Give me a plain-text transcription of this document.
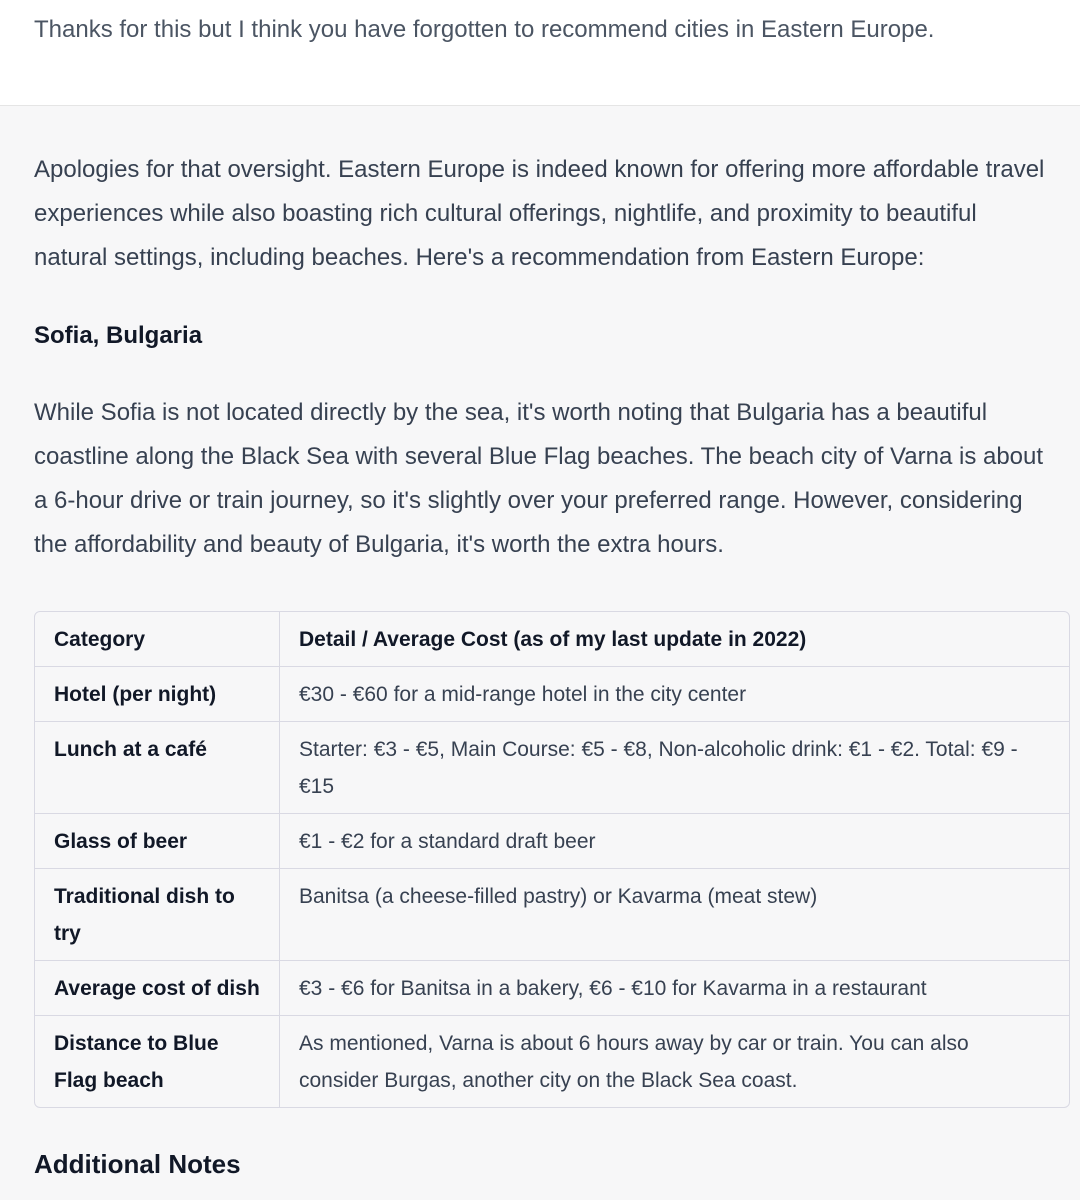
Thanks for this but I think you have forgotten to recommend cities in Eastern Europe.

Apologies for that oversight. Eastern Europe is indeed known for offering more affordable travel experiences while also boasting rich cultural offerings, nightlife, and proximity to beautiful natural settings, including beaches. Here's a recommendation from Eastern Europe:

Sofia, Bulgaria

While Sofia is not located directly by the sea, it's worth noting that Bulgaria has a beautiful coastline along the Black Sea with several Blue Flag beaches. The beach city of Varna is about a 6-hour drive or train journey, so it's slightly over your preferred range. However, considering the affordability and beauty of Bulgaria, it's worth the extra hours.

Category	Detail / Average Cost (as of my last update in 2022)
Hotel (per night)	€30 - €60 for a mid-range hotel in the city center
Lunch at a café	Starter: €3 - €5, Main Course: €5 - €8, Non-alcoholic drink: €1 - €2. Total: €9 - €15
Glass of beer	€1 - €2 for a standard draft beer
Traditional dish to try	Banitsa (a cheese-filled pastry) or Kavarma (meat stew)
Average cost of dish	€3 - €6 for Banitsa in a bakery, €6 - €10 for Kavarma in a restaurant
Distance to Blue Flag beach	As mentioned, Varna is about 6 hours away by car or train. You can also consider Burgas, another city on the Black Sea coast.

Additional Notes
